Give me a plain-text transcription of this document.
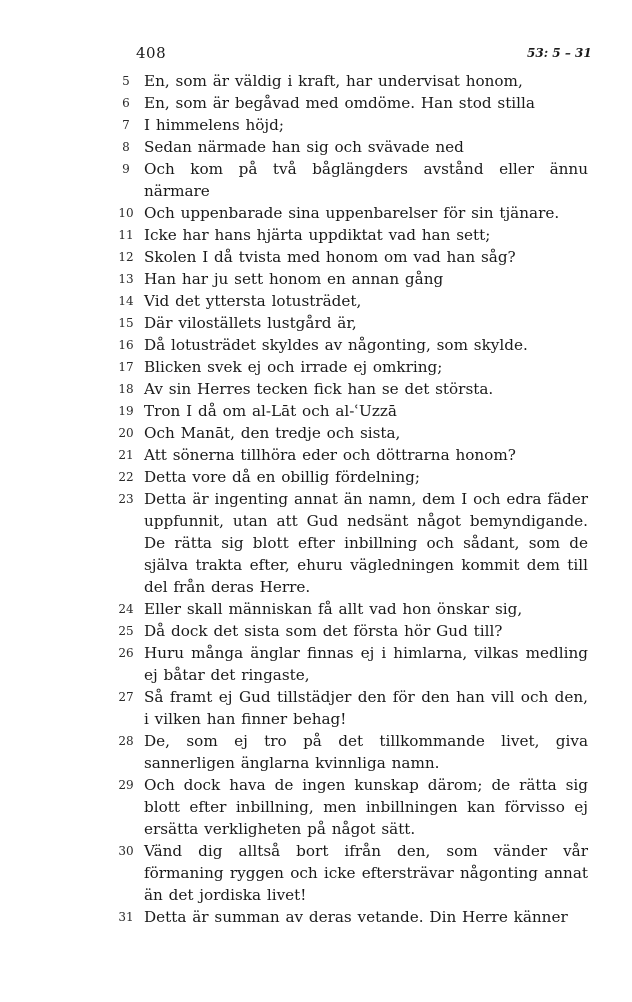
408	53: 5 – 31
5 En, som är väldig i kraft, har undervisat honom,
6 En, som är begåvad med omdöme. Han stod stilla
7 I himmelens höjd;
8 Sedan närmade han sig och svävade ned
9 Och kom på två båglängders avstånd eller ännu närmare
10 Och uppenbarade sina uppenbarelser för sin tjänare.
11 Icke har hans hjärta uppdiktat vad han sett;
12 Skolen I då tvista med honom om vad han såg?
13 Han har ju sett honom en annan gång
14 Vid det yttersta lotusträdet,
15 Där viloställets lustgård är,
16 Då lotusträdet skyldes av någonting, som skylde.
17 Blicken svek ej och irrade ej omkring;
18 Av sin Herres tecken fick han se det största.
19 Tron I då om al-Lāt och al-ʿUzzā
20 Och Manāt, den tredje och sista,
21 Att sönerna tillhöra eder och döttrarna honom?
22 Detta vore då en obillig fördelning;
23 Detta är ingenting annat än namn, dem I och edra fäder uppfunnit, utan att Gud nedsänt något bemyndigande. De rätta sig blott efter inbillning och sådant, som de själva trakta efter, ehuru vägledningen kommit dem till del från deras Herre.
24 Eller skall människan få allt vad hon önskar sig,
25 Då dock det sista som det första hör Gud till?
26 Huru många änglar finnas ej i himlarna, vilkas medling ej båtar det ringaste,
27 Så framt ej Gud tillstädjer den för den han vill och den, i vilken han finner behag!
28 De, som ej tro på det tillkommande livet, giva sannerligen änglarna kvinnliga namn.
29 Och dock hava de ingen kunskap därom; de rätta sig blott efter inbillning, men inbillningen kan förvisso ej ersätta verkligheten på något sätt.
30 Vänd dig alltså bort ifrån den, som vänder vår förmaning ryggen och icke eftersträvar någonting annat än det jordiska livet!
31 Detta är summan av deras vetande. Din Herre känner
